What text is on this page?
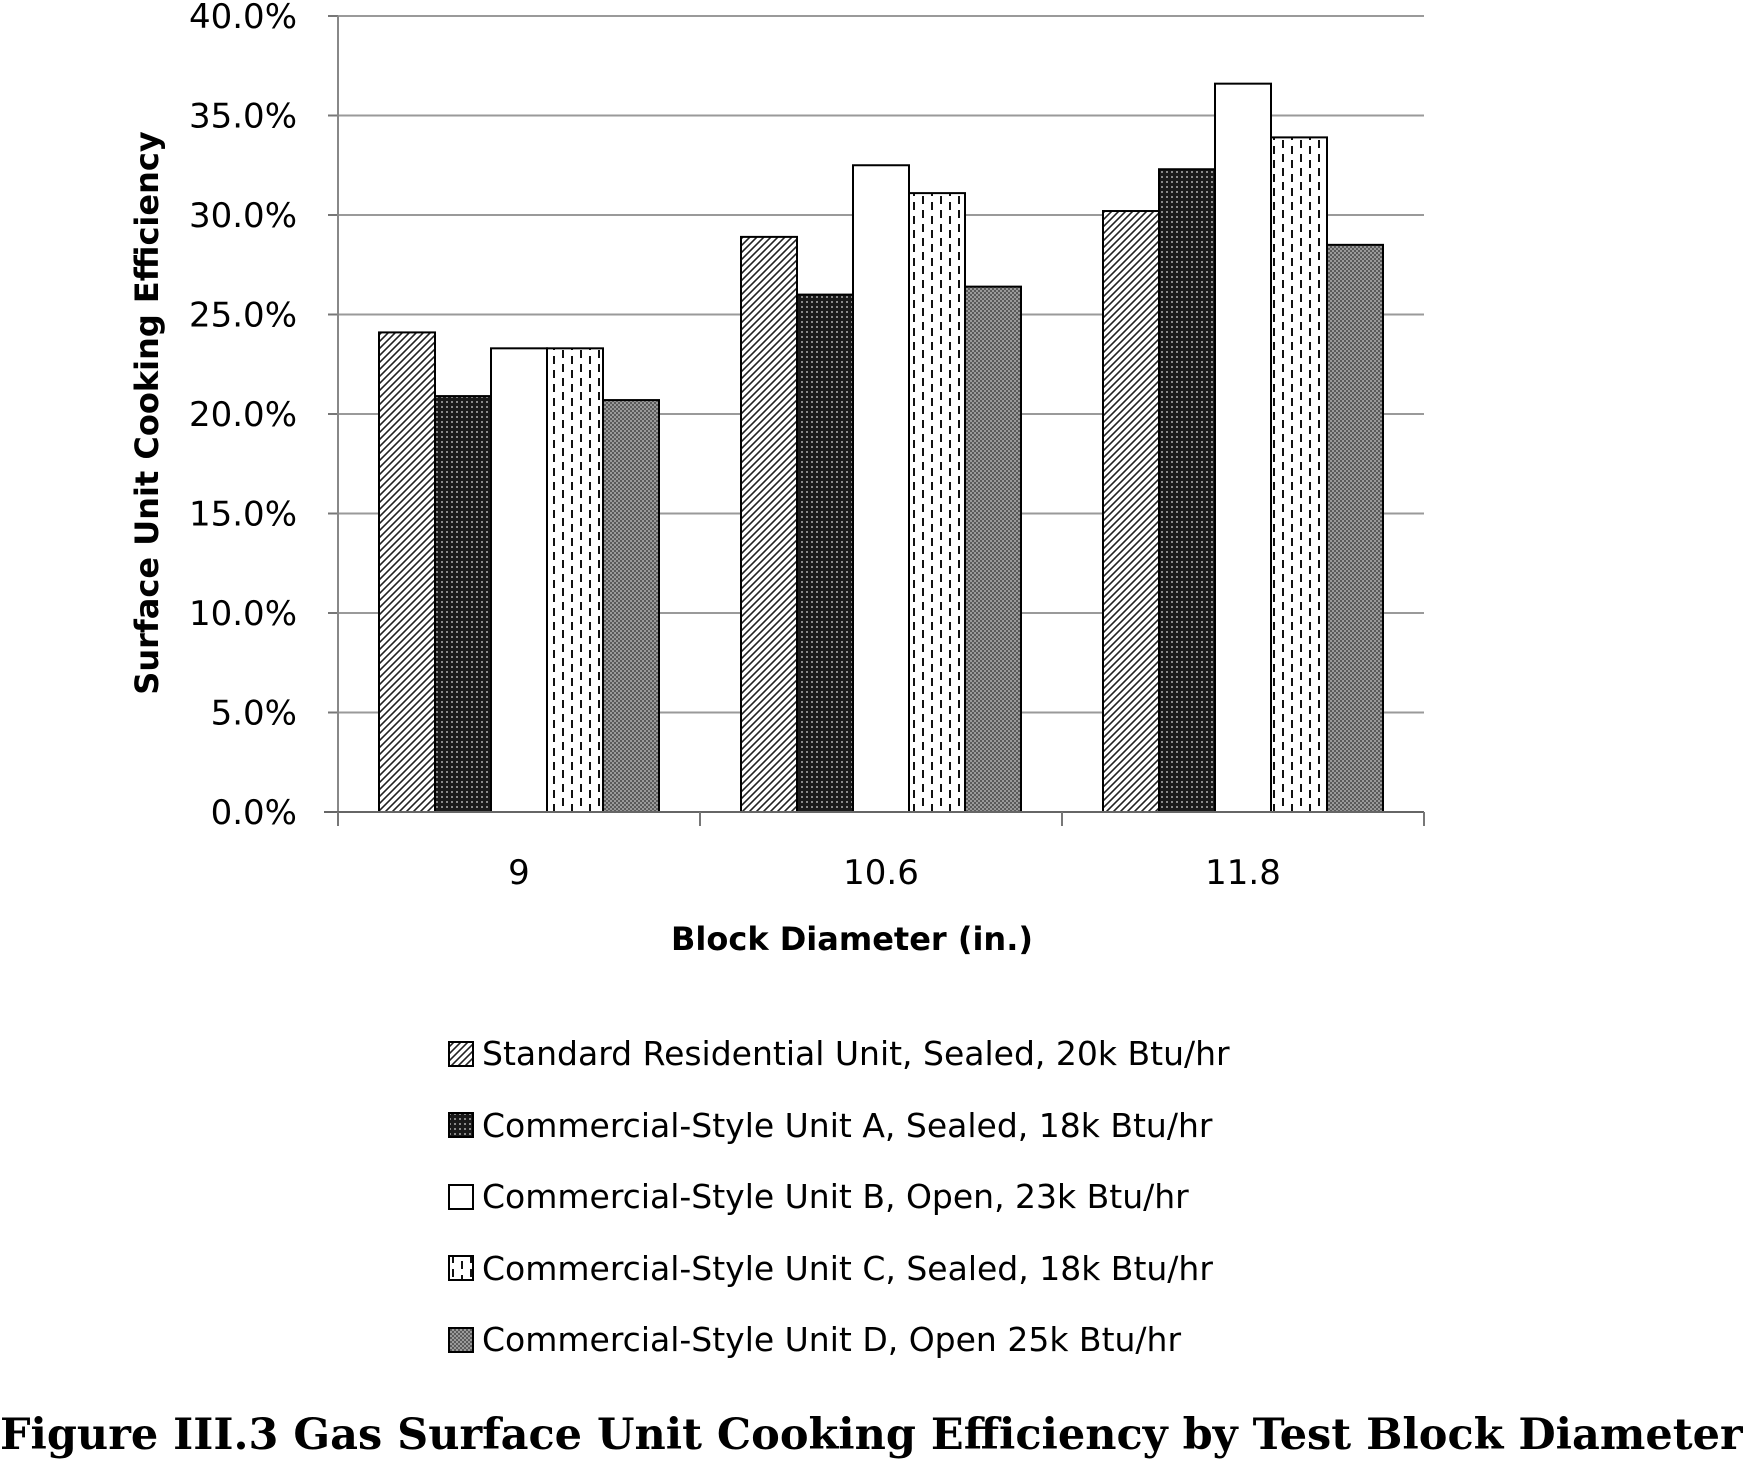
0.0%
5.0%
10.0%
15.0%
20.0%
25.0%
30.0%
35.0%
40.0%
9	10.6	11.8
Surface Unit Cooking Efficiency
Block Diameter (in.)
Standard Residential Unit, Sealed, 20k Btu/hr
Commercial-Style Unit A, Sealed, 18k Btu/hr
Commercial-Style Unit B, Open, 23k Btu/hr
Commercial-Style Unit C, Sealed, 18k Btu/hr
Commercial-Style Unit D, Open 25k Btu/hr
Figure III.3 Gas Surface Unit Cooking Efficiency by Test Block Diameter
